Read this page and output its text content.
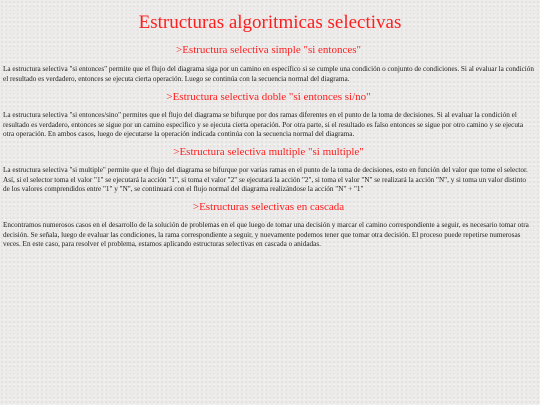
Estructuras algoritmicas selectivas
>Estructura selectiva simple "si entonces"

La estructura selectiva "si entonces" permite que el flujo del diagrama siga por un camino en específico si se cumple una condición o conjunto de condiciones. Si al evaluar la condición el resultado es verdadero, entonces se ejecuta cierta operación. Luego se continúa con la secuencia normal del diagrama.

>Estructura selectiva doble "si entonces si/no"

La estructura selectiva "si entonces/sino" permites que el flujo del diagrama se bifurque por dos ramas diferentes en el punto de la toma de decisiones. Si al evaluar la condición el resultado es verdadero, entonces se sigue por un camino específico y se ejecuta cierta operación. Por otra parte, si el resultado es falso entonces se sigue por otro camino y se ejecuta otra operación. En ambos casos, luego de ejecutarse la operación indicada continúa con la secuencia normal del diagrama.

>Estructura selectiva multiple "si multiple"

La estructura selectiva "si multiple" permite que el flujo del diagrama se bifurque por varias ramas en el punto de la toma de decisiones, esto en función del valor que tome el selector. Así, si el selector toma el valor "1" se ejecutará la acción "1", si toma el valor "2" se ejecutará la acción "2", si toma el valor "N" se realizará la acción "N", y si toma un valor distinto de los valores comprendidos entre "1" y "N", se continuará con el flujo normal del diagrama realizándose la acción "N" + "1"

>Estructuras selectivas en cascada

Encontramos numerosos casos en el desarrollo de la solución de problemas en el que luego de tomar una decisión y marcar el camino correspondiente a seguir, es necesario tomar otra decisión. Se señala, luego de evaluar las condiciones, la rama correspondiente a seguir, y nuevamente podemos tener que tomar otra decisión. El proceso puede repetirse numerosas veces. En este caso, para resolver el problema, estamos aplicando estructuras selectivas en cascada o anidadas.
